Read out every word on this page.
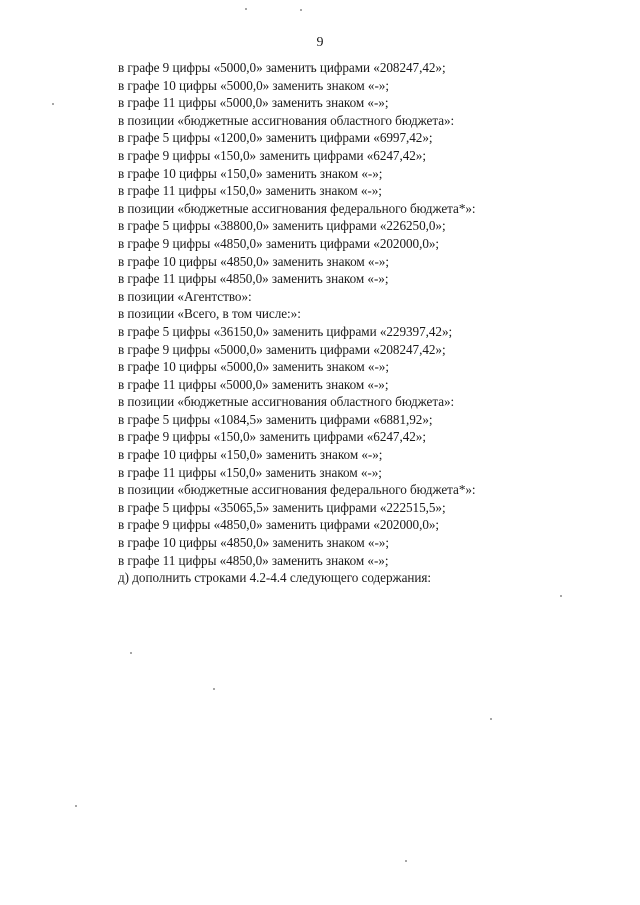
9
в графе 9 цифры «5000,0» заменить цифрами «208247,42»;
в графе 10 цифры «5000,0» заменить знаком «-»;
в графе 11 цифры «5000,0» заменить знаком «-»;
в позиции «бюджетные ассигнования областного бюджета»:
в графе 5 цифры «1200,0» заменить цифрами «6997,42»;
в графе 9 цифры «150,0» заменить цифрами «6247,42»;
в графе 10 цифры «150,0» заменить знаком «-»;
в графе 11 цифры «150,0» заменить знаком «-»;
в позиции «бюджетные ассигнования федерального бюджета*»:
в графе 5 цифры «38800,0» заменить цифрами «226250,0»;
в графе 9 цифры «4850,0» заменить цифрами «202000,0»;
в графе 10 цифры «4850,0» заменить знаком «-»;
в графе 11 цифры «4850,0» заменить знаком «-»;
в позиции «Агентство»:
в позиции «Всего, в том числе:»:
в графе 5 цифры «36150,0» заменить цифрами «229397,42»;
в графе 9 цифры «5000,0» заменить цифрами «208247,42»;
в графе 10 цифры «5000,0» заменить знаком «-»;
в графе 11 цифры «5000,0» заменить знаком «-»;
в позиции «бюджетные ассигнования областного бюджета»:
в графе 5 цифры «1084,5» заменить цифрами «6881,92»;
в графе 9 цифры «150,0» заменить цифрами «6247,42»;
в графе 10 цифры «150,0» заменить знаком «-»;
в графе 11 цифры «150,0» заменить знаком «-»;
в позиции «бюджетные ассигнования федерального бюджета*»:
в графе 5 цифры «35065,5» заменить цифрами «222515,5»;
в графе 9 цифры «4850,0» заменить цифрами «202000,0»;
в графе 10 цифры «4850,0» заменить знаком «-»;
в графе 11 цифры «4850,0» заменить знаком «-»;
д) дополнить строками 4.2-4.4 следующего содержания:
